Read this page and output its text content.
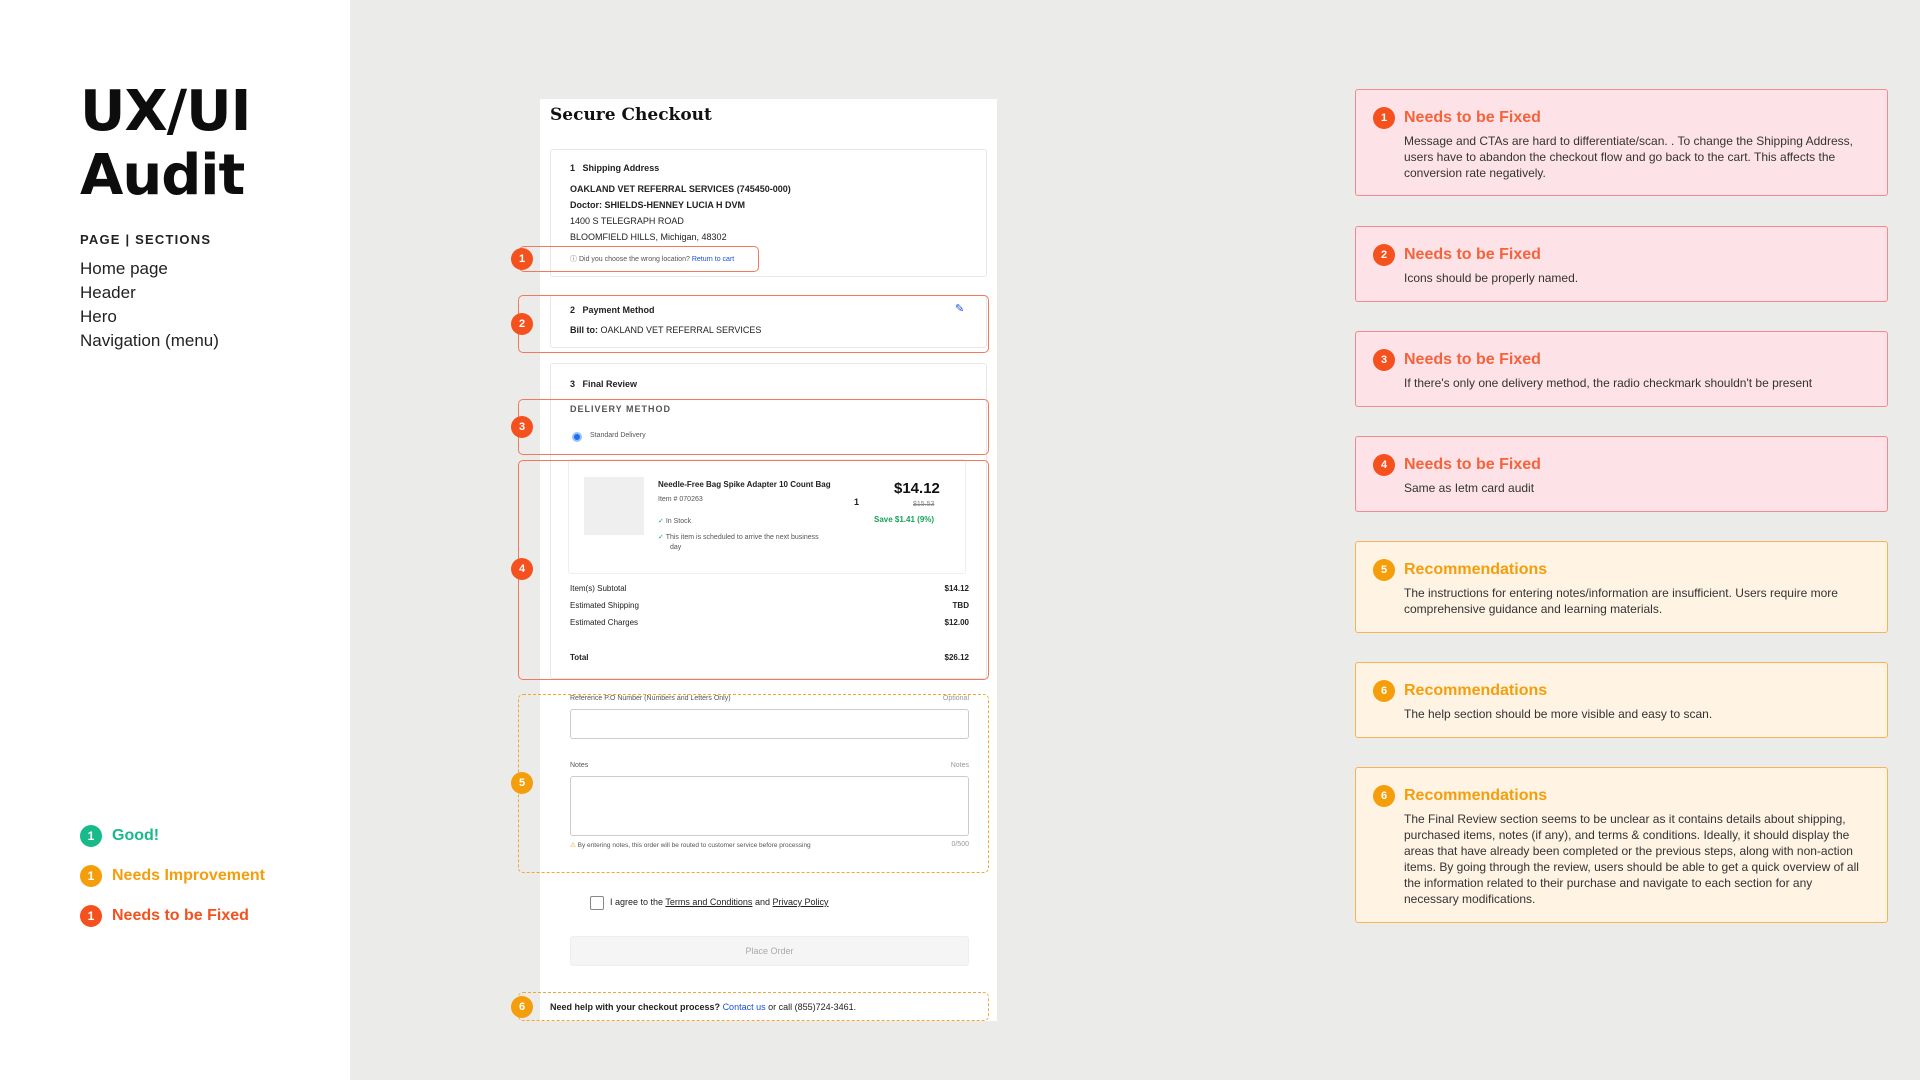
UX/UI
Audit
PAGE | SECTIONS
Home page
Header
Hero
Navigation (menu)
1	Good!
1	Needs Improvement
1	Needs to be Fixed
Secure Checkout
1 Shipping Address
OAKLAND VET REFERRAL SERVICES (745450-000)
Doctor: SHIELDS-HENNEY LUCIA H DVM
1400 S TELEGRAPH ROAD
BLOOMFIELD HILLS, Michigan, 48302
ⓘ Did you choose the wrong location? Return to cart
2 Payment Method	✎
Bill to: OAKLAND VET REFERRAL SERVICES
3 Final Review
DELIVERY METHOD
Standard Delivery
Needle-Free Bag Spike Adapter 10 Count Bag
Item # 070263	1
✓ In Stock
✓ This item is scheduled to arrive the next business
day
$14.12
$15.53
Save $1.41 (9%)
Item(s) Subtotal	$14.12
Estimated Shipping	TBD
Estimated Charges	$12.00
Total	$26.12
Reference P.O Number (Numbers and Letters Only)	Optional
Notes	Notes
⚠ By entering notes, this order will be routed to customer service before processing	0/500
I agree to the Terms and Conditions and Privacy Policy
Place Order
Need help with your checkout process? Contact us or call (855)724-3461.
1
2
3
4
5
6
1	Needs to be Fixed
Message and CTAs are hard to differentiate/scan. . To change the Shipping Address, users have to abandon the checkout flow and go back to the cart. This affects the conversion rate negatively.
2	Needs to be Fixed
Icons should be properly named.
3	Needs to be Fixed
If there's only one delivery method, the radio checkmark shouldn't be present
4	Needs to be Fixed
Same as Ietm card audit
5	Recommendations
The instructions for entering notes/information are insufficient. Users require more comprehensive guidance and learning materials.
6	Recommendations
The help section should be more visible and easy to scan.
6	Recommendations
The Final Review section seems to be unclear as it contains details about shipping, purchased items, notes (if any), and terms & conditions. Ideally, it should display the areas that have already been completed or the previous steps, along with non-action items. By going through the review, users should be able to get a quick overview of all the information related to their purchase and navigate to each section for any necessary modifications.
